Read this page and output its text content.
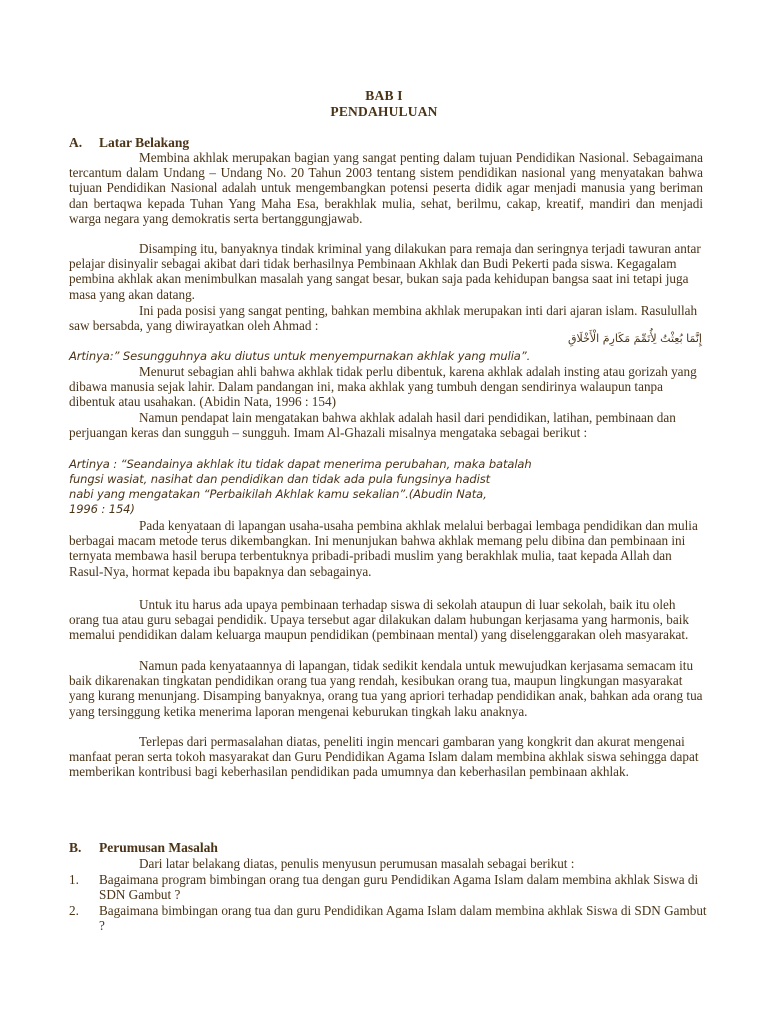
BAB I
PENDAHULUAN
A. Latar Belakang

Membina akhlak merupakan bagian yang sangat penting dalam tujuan Pendidikan Nasional. Sebagaimana tercantum dalam Undang – Undang No. 20 Tahun 2003 tentang sistem pendidikan nasional yang menyatakan bahwa tujuan Pendidikan Nasional adalah untuk mengembangkan potensi peserta didik agar menjadi manusia yang beriman dan bertaqwa kepada Tuhan Yang Maha Esa, berakhlak mulia, sehat, berilmu, cakap, kreatif, mandiri dan menjadi warga negara yang demokratis serta bertanggungjawab.

Disamping itu, banyaknya tindak kriminal yang dilakukan para remaja dan seringnya terjadi tawuran antar pelajar disinyalir sebagai akibat dari tidak berhasilnya Pembinaan Akhlak dan Budi Pekerti pada siswa. Kegagalam pembina akhlak akan menimbulkan masalah yang sangat besar, bukan saja pada kehidupan bangsa saat ini tetapi juga masa yang akan datang.

Ini pada posisi yang sangat penting, bahkan membina akhlak merupakan inti dari ajaran islam. Rasulullah saw bersabda, yang diwirayatkan oleh Ahmad :

إِنَّمَا بُعِثْتُ لِأُتَمِّمَ مَكَارِمَ الْأَخْلَاقِ
Artinya:” Sesungguhnya aku diutus untuk menyempurnakan akhlak yang mulia”.

Menurut sebagian ahli bahwa akhlak tidak perlu dibentuk, karena akhlak adalah insting atau gorizah yang dibawa manusia sejak lahir. Dalam pandangan ini, maka akhlak yang tumbuh dengan sendirinya walaupun tanpa dibentuk atau usahakan. (Abidin Nata, 1996 : 154)

Namun pendapat lain mengatakan bahwa akhlak adalah hasil dari pendidikan, latihan, pembinaan dan perjuangan keras dan sungguh – sungguh. Imam Al-Ghazali misalnya mengataka sebagai berikut :

Artinya : “Seandainya akhlak itu tidak dapat menerima perubahan, maka batalah
fungsi wasiat, nasihat dan pendidikan dan tidak ada pula fungsinya hadist
nabi yang mengatakan “Perbaikilah Akhlak kamu sekalian”.(Abudin Nata,
1996 : 154)

Pada kenyataan di lapangan usaha-usaha pembina akhlak melalui berbagai lembaga pendidikan dan mulia berbagai macam metode terus dikembangkan. Ini menunjukan bahwa akhlak memang pelu dibina dan pembinaan ini ternyata membawa hasil berupa terbentuknya pribadi-pribadi muslim yang berakhlak mulia, taat kepada Allah dan Rasul-Nya, hormat kepada ibu bapaknya dan sebagainya.

Untuk itu harus ada upaya pembinaan terhadap siswa di sekolah ataupun di luar sekolah, baik itu oleh orang tua atau guru sebagai pendidik. Upaya tersebut agar dilakukan dalam hubungan kerjasama yang harmonis, baik memalui pendidikan dalam keluarga maupun pendidikan (pembinaan mental) yang diselenggarakan oleh masyarakat.

Namun pada kenyataannya di lapangan, tidak sedikit kendala untuk mewujudkan kerjasama semacam itu baik dikarenakan tingkatan pendidikan orang tua yang rendah, kesibukan orang tua, maupun lingkungan masyarakat yang kurang menunjang. Disamping banyaknya, orang tua yang apriori terhadap pendidikan anak, bahkan ada orang tua yang tersinggung ketika menerima laporan mengenai keburukan tingkah laku anaknya.

Terlepas dari permasalahan diatas, peneliti ingin mencari gambaran yang kongkrit dan akurat mengenai manfaat peran serta tokoh masyarakat dan Guru Pendidikan Agama Islam dalam membina akhlak siswa sehingga dapat memberikan kontribusi bagi keberhasilan pendidikan pada umumnya dan keberhasilan pembinaan akhlak.

B. Perumusan Masalah

Dari latar belakang diatas, penulis menyusun perumusan masalah sebagai berikut :

1.	Bagaimana program bimbingan orang tua dengan guru Pendidikan Agama Islam dalam membina akhlak Siswa di SDN Gambut ?
2.	Bagaimana bimbingan orang tua dan guru Pendidikan Agama Islam dalam membina akhlak Siswa di SDN Gambut ?
